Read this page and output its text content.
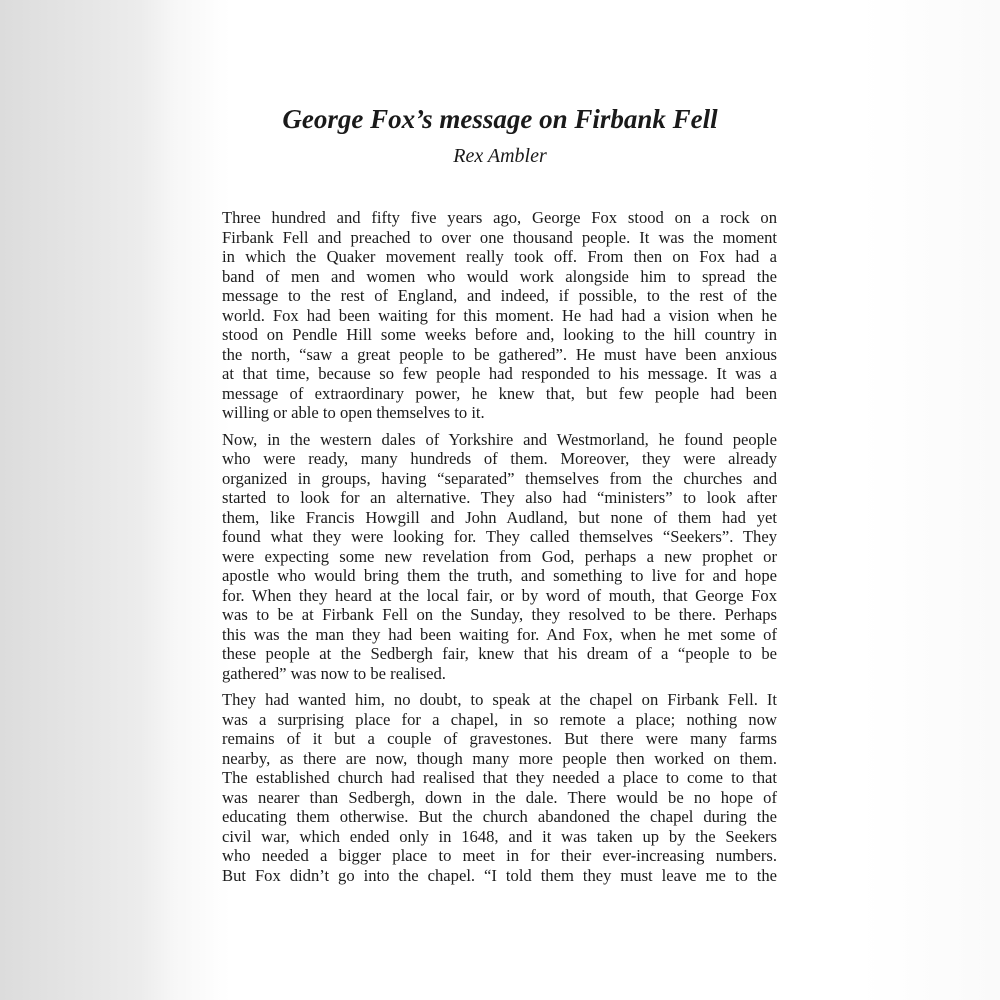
George Fox’s message on Firbank Fell
Rex Ambler
Three hundred and fifty five years ago, George Fox stood on a rock on
Firbank Fell and preached to over one thousand people. It was the moment
in which the Quaker movement really took off. From then on Fox had a
band of men and women who would work alongside him to spread the
message to the rest of England, and indeed, if possible, to the rest of the
world. Fox had been waiting for this moment. He had had a vision when he
stood on Pendle Hill some weeks before and, looking to the hill country in
the north, “saw a great people to be gathered”. He must have been anxious
at that time, because so few people had responded to his message. It was a
message of extraordinary power, he knew that, but few people had been
willing or able to open themselves to it.
Now, in the western dales of Yorkshire and Westmorland, he found people
who were ready, many hundreds of them. Moreover, they were already
organized in groups, having “separated” themselves from the churches and
started to look for an alternative. They also had “ministers” to look after
them, like Francis Howgill and John Audland, but none of them had yet
found what they were looking for. They called themselves “Seekers”. They
were expecting some new revelation from God, perhaps a new prophet or
apostle who would bring them the truth, and something to live for and hope
for. When they heard at the local fair, or by word of mouth, that George Fox
was to be at Firbank Fell on the Sunday, they resolved to be there. Perhaps
this was the man they had been waiting for. And Fox, when he met some of
these people at the Sedbergh fair, knew that his dream of a “people to be
gathered” was now to be realised.
They had wanted him, no doubt, to speak at the chapel on Firbank Fell. It
was a surprising place for a chapel, in so remote a place; nothing now
remains of it but a couple of gravestones. But there were many farms
nearby, as there are now, though many more people then worked on them.
The established church had realised that they needed a place to come to that
was nearer than Sedbergh, down in the dale. There would be no hope of
educating them otherwise. But the church abandoned the chapel during the
civil war, which ended only in 1648, and it was taken up by the Seekers
who needed a bigger place to meet in for their ever-increasing numbers.
But Fox didn’t go into the chapel. “I told them they must leave me to the
